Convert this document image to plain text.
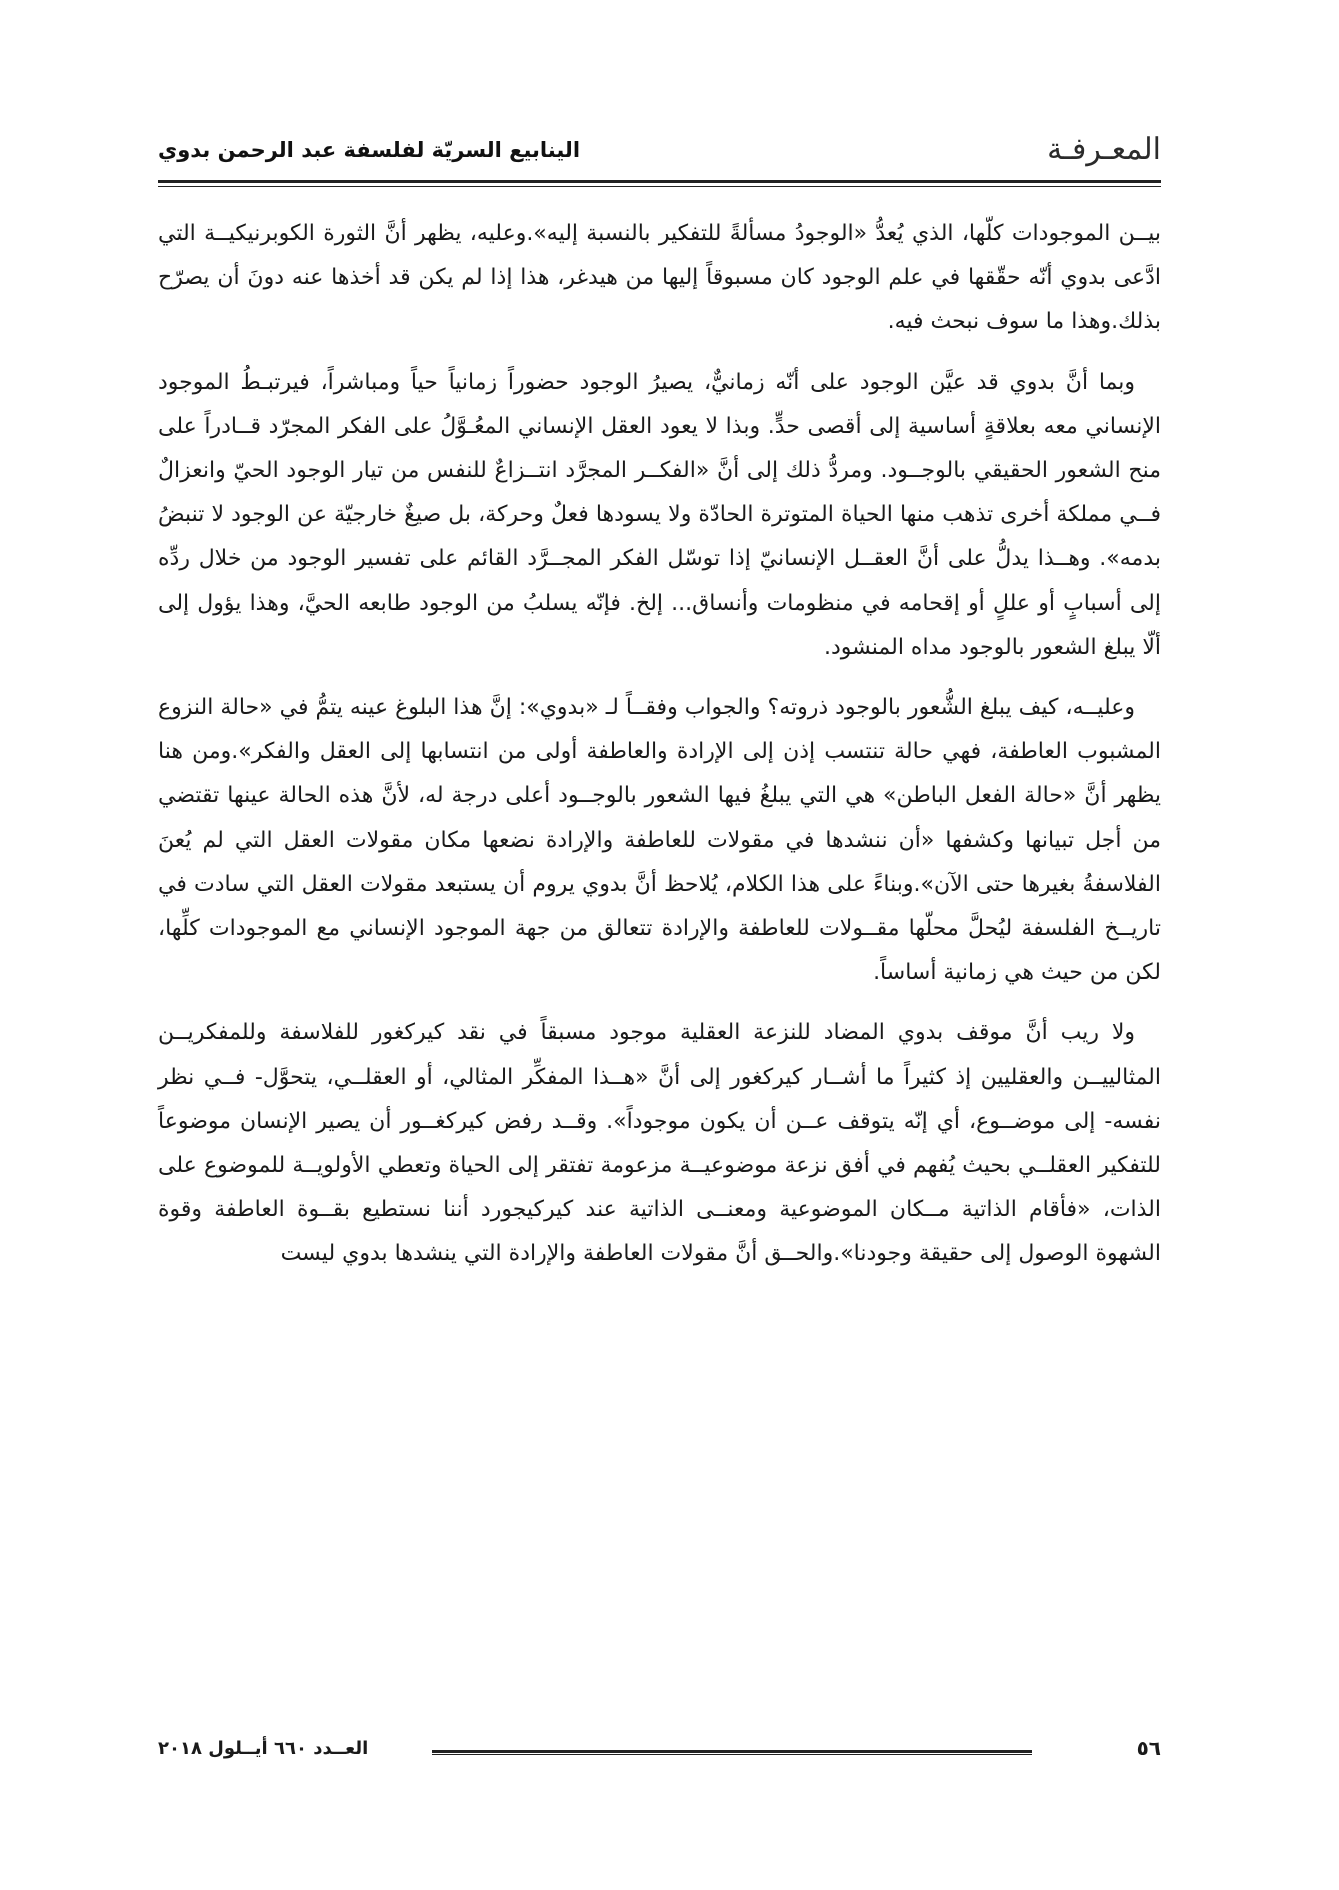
المعـرفـة
الينابيع السريّة لفلسفة عبد الرحمن بدوي

بيــن الموجودات كلّها، الذي يُعدُّ «الوجودُ مسألةً للتفكير بالنسبة إليه».وعليه، يظهر أنَّ الثورة الكوبرنيكيــة التي ادَّعى بدوي أنّه حقّقها في علم الوجود كان مسبوقاً إليها من هيدغر، هذا إذا لم يكن قد أخذها عنه دونَ أن يصرّح بذلك.وهذا ما سوف نبحث فيه.

وبما أنَّ بدوي قد عيَّن الوجود على أنّه زمانيٌّ، يصيرُ الوجود حضوراً زمانياً حياً ومباشراً، فيرتبـطُ الموجود الإنساني معه بعلاقةٍ أساسية إلى أقصى حدٍّ. وبذا لا يعود العقل الإنساني المعُـوَّلُ على الفكر المجرّد قــادراً على منح الشعور الحقيقي بالوجــود. ومردُّ ذلك إلى أنَّ «الفكــر المجرَّد انتــزاعٌ للنفس من تيار الوجود الحيّ وانعزالٌ فــي مملكة أخرى تذهب منها الحياة المتوترة الحادّة ولا يسودها فعلٌ وحركة، بل صيغٌ خارجيّة عن الوجود لا تنبضُ بدمه». وهــذا يدلُّ على أنَّ العقــل الإنسانيّ إذا توسّل الفكر المجــرَّد القائم على تفسير الوجود من خلال ردِّه إلى أسبابٍ أو عللٍ أو إقحامه في منظومات وأنساق... إلخ. فإنّه يسلبُ من الوجود طابعه الحيَّ، وهذا يؤول إلى ألّا يبلغ الشعور بالوجود مداه المنشود.

وعليــه، كيف يبلغ الشُّعور بالوجود ذروته؟ والجواب وفقــاً لـ «بدوي»: إنَّ هذا البلوغ عينه يتمُّ في «حالة النزوع المشبوب العاطفة، فهي حالة تنتسب إذن إلى الإرادة والعاطفة أولى من انتسابها إلى العقل والفكر».ومن هنا يظهر أنَّ «حالة الفعل الباطن» هي التي يبلغُ فيها الشعور بالوجــود أعلى درجة له، لأنَّ هذه الحالة عينها تقتضي من أجل تبيانها وكشفها «أن ننشدها في مقولات للعاطفة والإرادة نضعها مكان مقولات العقل التي لم يُعنَ الفلاسفةُ بغيرها حتى الآن».وبناءً على هذا الكلام، يُلاحظ أنَّ بدوي يروم أن يستبعد مقولات العقل التي سادت في تاريــخ الفلسفة ليُحلَّ محلّها مقــولات للعاطفة والإرادة تتعالق من جهة الموجود الإنساني مع الموجودات كلِّها، لكن من حيث هي زمانية أساساً.

ولا ريب أنَّ موقف بدوي المضاد للنزعة العقلية موجود مسبقاً في نقد كيركغور للفلاسفة وللمفكريــن المثالييــن والعقليين إذ كثيراً ما أشــار كيركغور إلى أنَّ «هــذا المفكِّر المثالي، أو العقلــي، يتحوَّل- فــي نظر نفسه- إلى موضــوع، أي إنّه يتوقف عــن أن يكون موجوداً». وقــد رفض كيركغــور أن يصير الإنسان موضوعاً للتفكير العقلــي بحيث يُفهم في أفق نزعة موضوعيــة مزعومة تفتقر إلى الحياة وتعطي الأولويــة للموضوع على الذات، «فأقام الذاتية مــكان الموضوعية ومعنــى الذاتية عند كيركيجورد أننا نستطيع بقــوة العاطفة وقوة الشهوة الوصول إلى حقيقة وجودنا».والحــق أنَّ مقولات العاطفة والإرادة التي ينشدها بدوي ليست

٥٦
العــدد ٦٦٠ أيــلول ٢٠١٨
